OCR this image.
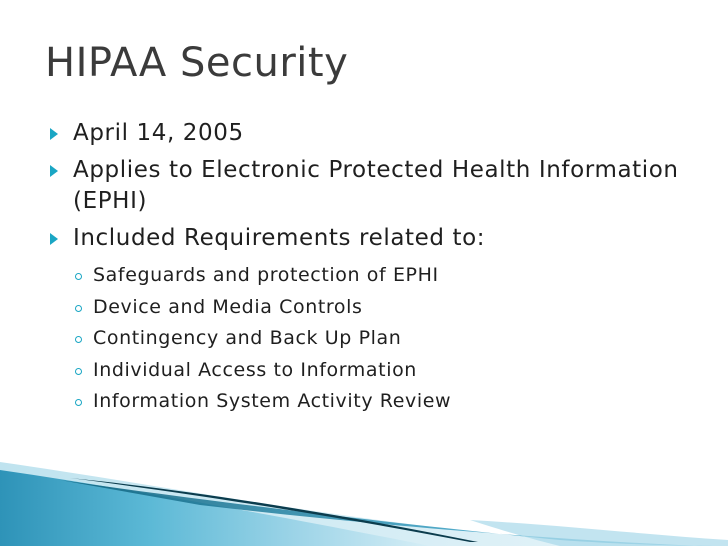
HIPAA Security
April 14, 2005
Applies to Electronic Protected Health Information (EPHI)
Included Requirements related to:
Safeguards and protection of EPHI
Device and Media Controls
Contingency and Back Up Plan
Individual Access to Information
Information System Activity Review
